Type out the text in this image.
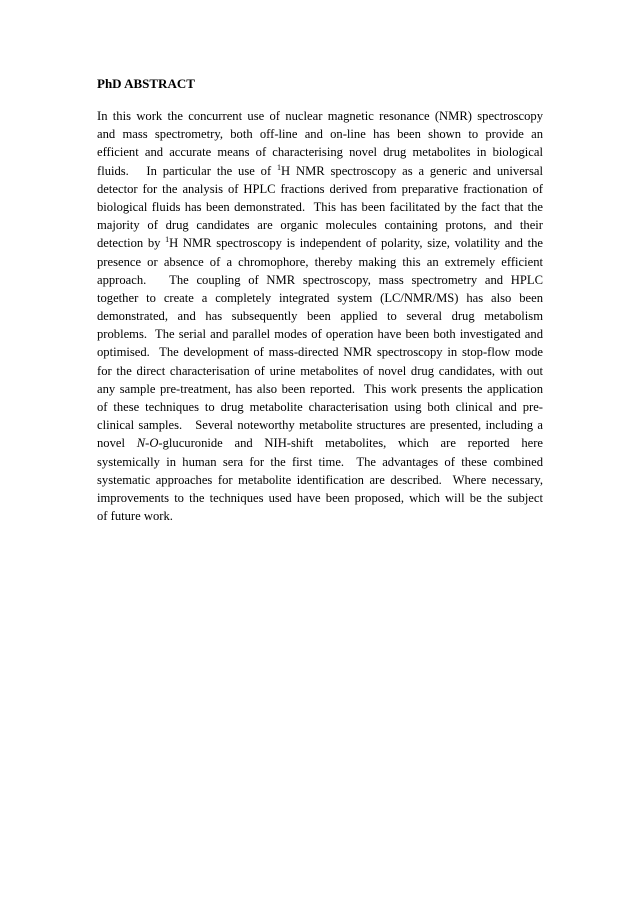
PhD ABSTRACT
In this work the concurrent use of nuclear magnetic resonance (NMR) spectroscopy
and mass spectrometry, both off-line and on-line has been shown to provide an
efficient and accurate means of characterising novel drug metabolites in biological
fluids.   In particular the use of $^1$H NMR spectroscopy as a generic and universal
detector for the analysis of HPLC fractions derived from preparative fractionation of
biological fluids has been demonstrated.  This has been facilitated by the fact that the
majority of drug candidates are organic molecules containing protons, and their
detection by $^1$H NMR spectroscopy is independent of polarity, size, volatility and the
presence or absence of a chromophore, thereby making this an extremely efficient
approach.   The coupling of NMR spectroscopy, mass spectrometry and HPLC
together to create a completely integrated system (LC/NMR/MS) has also been
demonstrated, and has subsequently been applied to several drug metabolism
problems.  The serial and parallel modes of operation have been both investigated and
optimised.  The development of mass-directed NMR spectroscopy in stop-flow mode
for the direct characterisation of urine metabolites of novel drug candidates, with out
any sample pre-treatment, has also been reported.  This work presents the application
of these techniques to drug metabolite characterisation using both clinical and pre-
clinical samples.   Several noteworthy metabolite structures are presented, including a
novel N-O-glucuronide and NIH-shift metabolites, which are reported here
systemically in human sera for the first time.  The advantages of these combined
systematic approaches for metabolite identification are described.  Where necessary,
improvements to the techniques used have been proposed, which will be the subject
of future work.
